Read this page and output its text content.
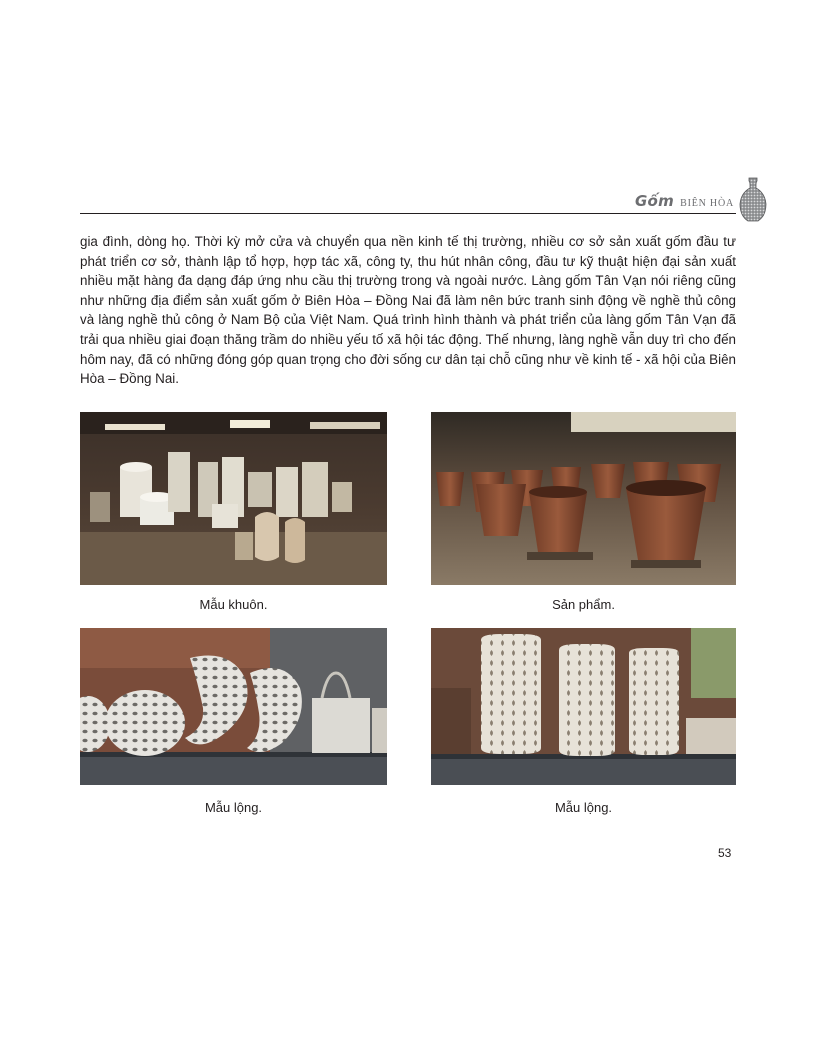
Gốm BIÊN HÒA

gia đình, dòng họ. Thời kỳ mở cửa và chuyển qua nền kinh tế thị trường, nhiều cơ sở sản xuất gốm đầu tư phát triển cơ sở, thành lập tổ hợp, hợp tác xã, công ty, thu hút nhân công, đầu tư kỹ thuật hiện đại sản xuất nhiều mặt hàng đa dạng đáp ứng nhu cầu thị trường trong và ngoài nước. Làng gốm Tân Vạn nói riêng cũng như những địa điểm sản xuất gốm ở Biên Hòa – Đồng Nai đã làm nên bức tranh sinh động về nghề thủ công và làng nghề thủ công ở Nam Bộ của Việt Nam. Quá trình hình thành và phát triển của làng gốm Tân Vạn đã trải qua nhiều giai đoạn thăng trầm do nhiều yếu tố xã hội tác động. Thế nhưng, làng nghề vẫn duy trì cho đến hôm nay, đã có những đóng góp quan trọng cho đời sống cư dân tại chỗ cũng như về kinh tế - xã hội của Biên Hòa – Đồng Nai.

Mẫu khuôn.	Sản phẩm.
Mẫu lộng.	Mẫu lộng.
53
